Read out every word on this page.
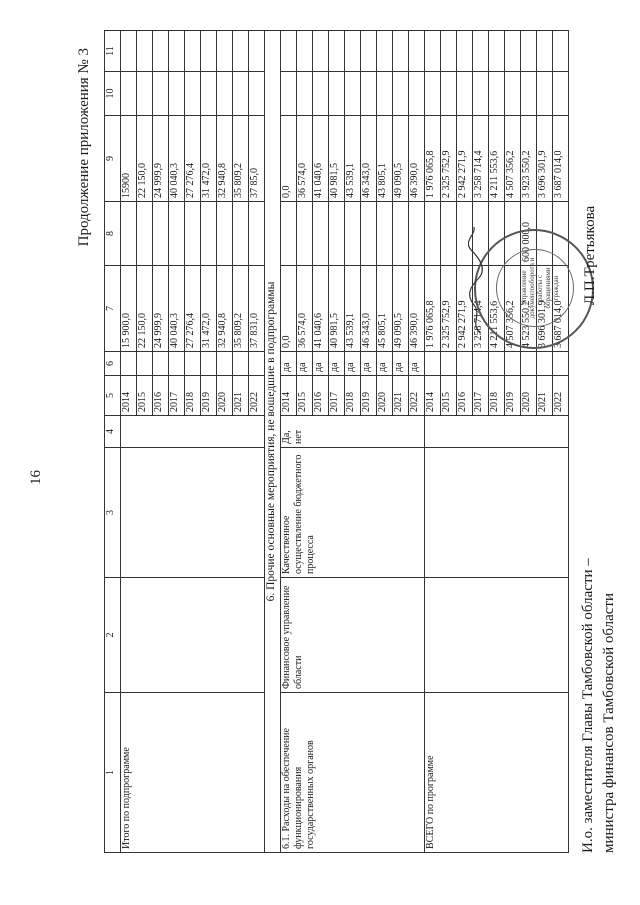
16
Продолжение приложения № 3
1	2	3	4	5	6	7	8	9	10	11
Итого по подпрограмме				2014		15 900,0		15900		
				2015		22 150,0		22 150,0		
				2016		24 999,9		24 999,9		
				2017		40 040,3		40 040,3		
				2018		27 276,4		27 276,4		
				2019		31 472,0		31 472,0		
				2020		32 940,8		32 940,8		
				2021		35 809,2		35 809,2		
				2022		37 831,0		37 85,0		
6. Прочие основные мероприятия, не вошедшие в подпрограммы										
6.1. Расходы на обеспечение функционирования государственных органов	Финансовое управление области	Качественное осуществление бюджетного процесса	Да, нет	2014	да	0,0		0,0		
				2015	да	36 574,0		36 574,0		
				2016	да	41 040,6		41 040,6		
				2017	да	40 981,5		40 981,5		
				2018	да	43 539,1		43 539,1		
				2019	да	46 343,0		46 343,0		
				2020	да	45 805,1		43 805,1		
				2021	да	49 090,5		49 090,5		
				2022	да	46 390,0		46 390,0		
ВСЕГО по программе				2014		1 976 065,8		1 976 065,8		
				2015		2 325 752,9		2 325 752,9		
				2016		2 942 271,9		2 942 271,9		
				2017		3 258 714,4		3 258 714,4		
				2018		4 211 553,6		4 211 553,6		
				2019		4 507 356,2		4 507 356,2		
				2020		4 523 550,2	600 000,0	3 923 550,2		
				2021		3 696 301,9		3 696 301,9		
				2022		3 687 014,0		3 687 014,0		
Управление документооборота и работы с обращениями граждан
И.о. заместителя Главы Тамбовской области – министра финансов Тамбовской области
Л.П.Третьякова
